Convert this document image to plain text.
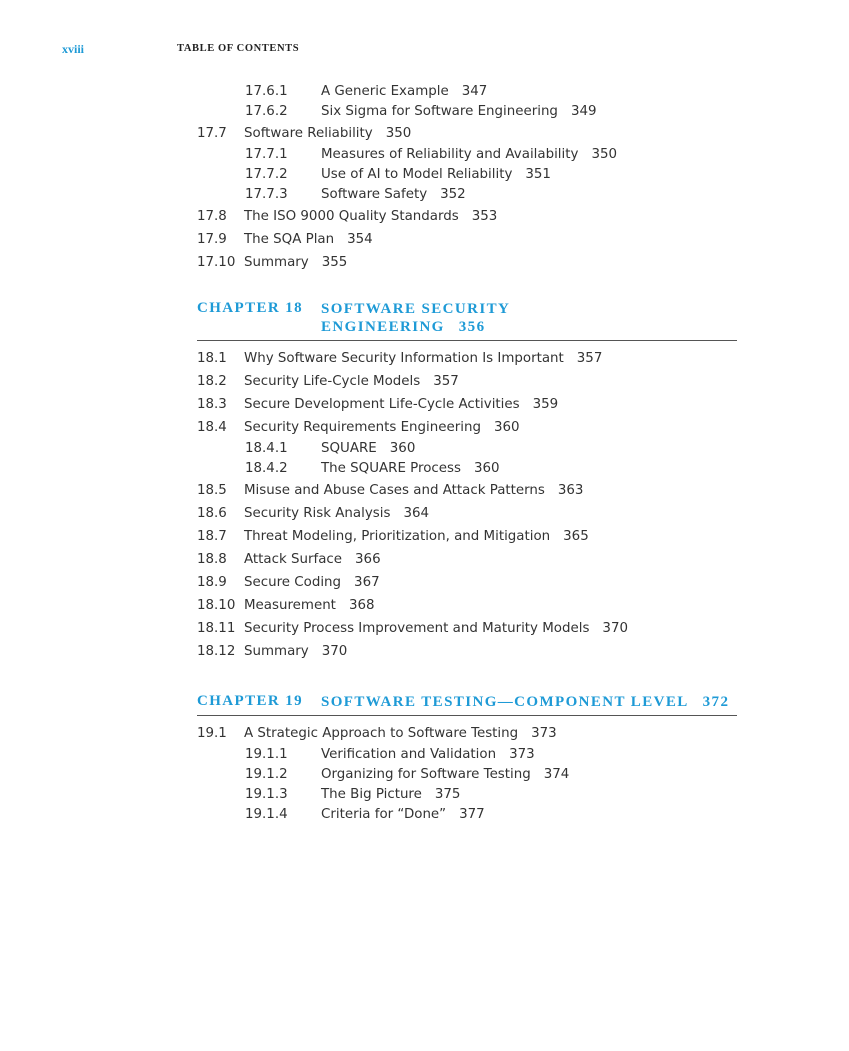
xviii	TABLE OF CONTENTS
17.6.1 A Generic Example 347
17.6.2 Six Sigma for Software Engineering 349
17.7 Software Reliability 350
17.7.1 Measures of Reliability and Availability 350
17.7.2 Use of AI to Model Reliability 351
17.7.3 Software Safety 352
17.8 The ISO 9000 Quality Standards 353
17.9 The SQA Plan 354
17.10 Summary 355
CHAPTER 18 SOFTWARE SECURITY
ENGINEERING 356
18.1 Why Software Security Information Is Important 357
18.2 Security Life-Cycle Models 357
18.3 Secure Development Life-Cycle Activities 359
18.4 Security Requirements Engineering 360
18.4.1 SQUARE 360
18.4.2 The SQUARE Process 360
18.5 Misuse and Abuse Cases and Attack Patterns 363
18.6 Security Risk Analysis 364
18.7 Threat Modeling, Prioritization, and Mitigation 365
18.8 Attack Surface 366
18.9 Secure Coding 367
18.10 Measurement 368
18.11 Security Process Improvement and Maturity Models 370
18.12 Summary 370
CHAPTER 19 SOFTWARE TESTING—COMPONENT LEVEL 372
19.1 A Strategic Approach to Software Testing 373
19.1.1 Verification and Validation 373
19.1.2 Organizing for Software Testing 374
19.1.3 The Big Picture 375
19.1.4 Criteria for “Done” 377
